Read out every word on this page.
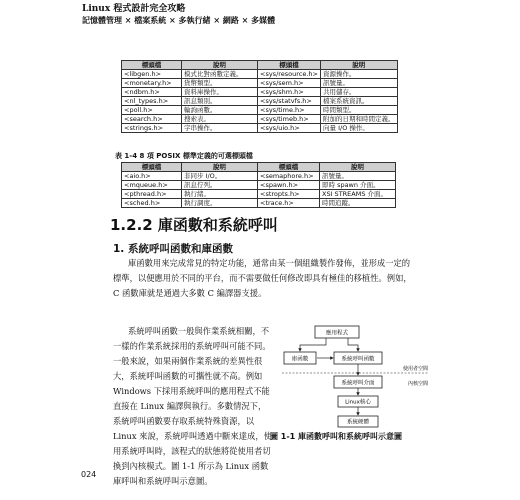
Linux 程式設計完全攻略
記憶體管理 × 檔案系統 × 多執行緒 × 網路 × 多媒體
標頭檔	說明	標頭檔	說明
<libgen.h>	模式比對函數定義。	<sys/resource.h>	資源操作。
<monetary.h>	貨幣類型。	<sys/sem.h>	訊號量。
<ndbm.h>	資料庫操作。	<sys/shm.h>	共用儲存。
<nl_types.h>	訊息類別。	<sys/statvfs.h>	檔案系統資訊。
<poll.h>	輪詢函數。	<sys/time.h>	時間類型。
<search.h>	搜索表。	<sys/timeb.h>	附加的日期和時間定義。
<strings.h>	字串操作。	<sys/uio.h>	向量 I/O 操作。
表 1-4 8 項 POSIX 標準定義的可選標頭檔
標頭檔	說明	標頭檔	說明
<aio.h>	非同步 I/O。	<semaphore.h>	訊號量。
<mqueue.h>	訊息佇列。	<spawn.h>	即時 spawn 介面。
<pthread.h>	執行緒。	<stropts.h>	XSI STREAMS 介面。
<sched.h>	執行調度。	<trace.h>	時間追蹤。
1.2.2 庫函數和系統呼叫
1. 系統呼叫函數和庫函數

庫函數用來完成常見的特定功能，通常由某一個組織製作發佈，並形成一定的標準，以便應用於不同的平台，而不需要做任何修改即具有極佳的移植性。例如，C 函數庫就是通過大多數 C 編譯器支援。

系統呼叫函數一般與作業系統相關，不一樣的作業系統採用的系統呼叫可能不同。一般來說，如果兩個作業系統的差異性很大，系統呼叫函數的可攜性就不高。例如 Windows 下採用系統呼叫的應用程式不能直接在 Linux 編譯與執行。多數情況下，系統呼叫函數要存取系統特殊資源，以 Linux 來說，系統呼叫透過中斷來達成，使用系統呼叫時，該程式的狀態將從使用者切換到內核模式。圖 1-1 所示為 Linux 函數庫呼叫和系統呼叫示意圖。

應用程式
庫函數	系統呼叫函數
使用者空間
系統呼叫介面	內核空間
Linux核心
系統硬體
圖 1-1 庫函數呼叫和系統呼叫示意圖
024
